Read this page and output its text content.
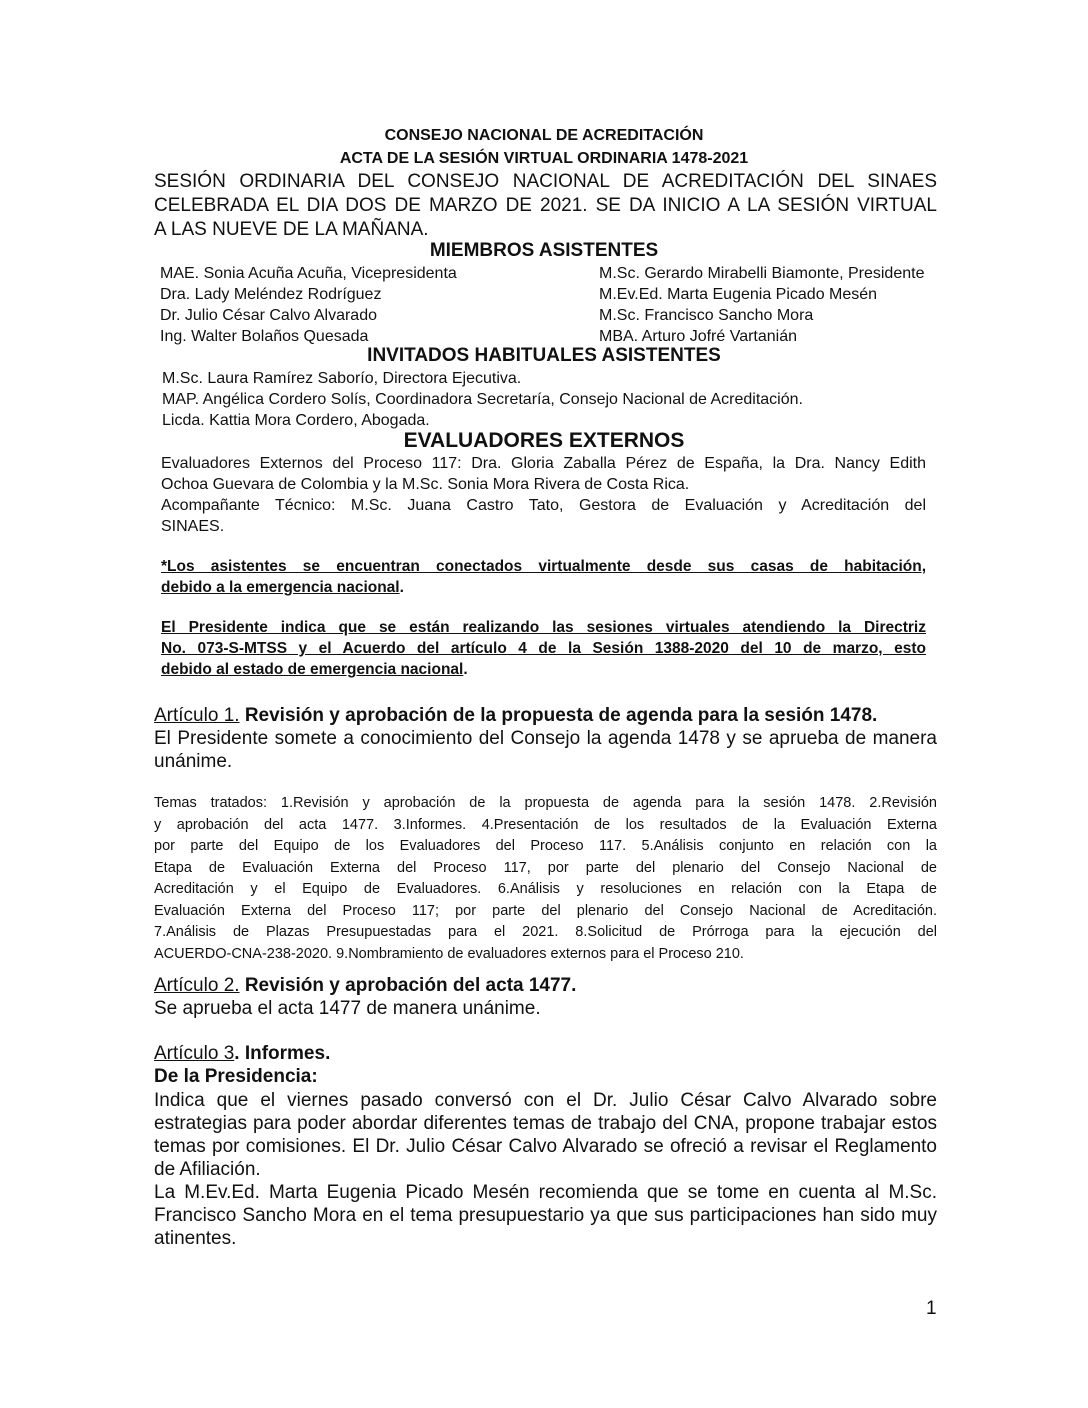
CONSEJO NACIONAL DE ACREDITACIÓN
ACTA DE LA SESIÓN VIRTUAL ORDINARIA 1478-2021
SESIÓN ORDINARIA DEL CONSEJO NACIONAL DE ACREDITACIÓN DEL SINAES
CELEBRADA EL DIA DOS DE MARZO DE 2021. SE DA INICIO A LA SESIÓN VIRTUAL
A LAS NUEVE DE LA MAÑANA.
MIEMBROS ASISTENTES
MAE. Sonia Acuña Acuña, Vicepresidenta
Dra. Lady Meléndez Rodríguez
Dr. Julio César Calvo Alvarado
Ing. Walter Bolaños Quesada
M.Sc. Gerardo Mirabelli Biamonte, Presidente
M.Ev.Ed. Marta Eugenia Picado Mesén
M.Sc. Francisco Sancho Mora
MBA. Arturo Jofré Vartanián
INVITADOS HABITUALES ASISTENTES
M.Sc. Laura Ramírez Saborío, Directora Ejecutiva.
MAP. Angélica Cordero Solís, Coordinadora Secretaría, Consejo Nacional de Acreditación.
Licda. Kattia Mora Cordero, Abogada.
EVALUADORES EXTERNOS
Evaluadores Externos del Proceso 117: Dra. Gloria Zaballa Pérez de España, la Dra. Nancy Edith
Ochoa Guevara de Colombia y la M.Sc. Sonia Mora Rivera de Costa Rica.
Acompañante Técnico: M.Sc. Juana Castro Tato, Gestora de Evaluación y Acreditación del
SINAES.
*Los asistentes se encuentran conectados virtualmente desde sus casas de habitación,
debido a la emergencia nacional.
El Presidente indica que se están realizando las sesiones virtuales atendiendo la Directriz
No. 073-S-MTSS y el Acuerdo del artículo 4 de la Sesión 1388-2020 del 10 de marzo, esto
debido al estado de emergencia nacional.
Artículo 1. Revisión y aprobación de la propuesta de agenda para la sesión 1478.
El Presidente somete a conocimiento del Consejo la agenda 1478 y se aprueba de manera
unánime.
Temas tratados: 1.Revisión y aprobación de la propuesta de agenda para la sesión 1478. 2.Revisión
y aprobación del acta 1477. 3.Informes. 4.Presentación de los resultados de la Evaluación Externa
por parte del Equipo de los Evaluadores del Proceso 117. 5.Análisis conjunto en relación con la
Etapa de Evaluación Externa del Proceso 117, por parte del plenario del Consejo Nacional de
Acreditación y el Equipo de Evaluadores. 6.Análisis y resoluciones en relación con la Etapa de
Evaluación Externa del Proceso 117; por parte del plenario del Consejo Nacional de Acreditación.
7.Análisis de Plazas Presupuestadas para el 2021. 8.Solicitud de Prórroga para la ejecución del
ACUERDO-CNA-238-2020. 9.Nombramiento de evaluadores externos para el Proceso 210.
Artículo 2. Revisión y aprobación del acta 1477.
Se aprueba el acta 1477 de manera unánime.
Artículo 3. Informes.
De la Presidencia:
Indica que el viernes pasado conversó con el Dr. Julio César Calvo Alvarado sobre
estrategias para poder abordar diferentes temas de trabajo del CNA, propone trabajar estos
temas por comisiones. El Dr. Julio César Calvo Alvarado se ofreció a revisar el Reglamento
de Afiliación.
La M.Ev.Ed. Marta Eugenia Picado Mesén recomienda que se tome en cuenta al M.Sc.
Francisco Sancho Mora en el tema presupuestario ya que sus participaciones han sido muy
atinentes.
1
